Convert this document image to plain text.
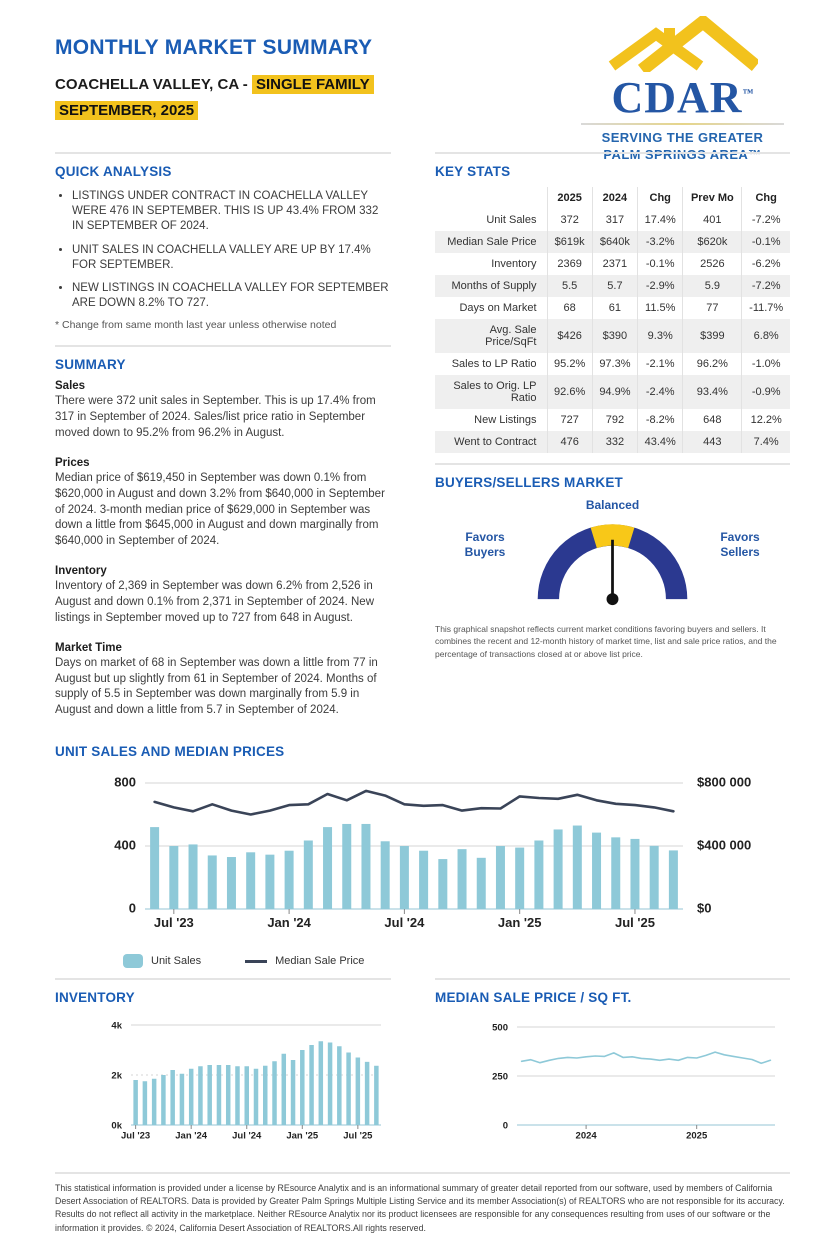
MONTHLY MARKET SUMMARY
COACHELLA VALLEY, CA - SINGLE FAMILY
SEPTEMBER, 2025	CDAR™
SERVING THE GREATER
PALM SPRINGS AREA™
QUICK ANALYSIS
• LISTINGS UNDER CONTRACT IN COACHELLA VALLEY WERE 476 IN SEPTEMBER. THIS IS UP 43.4% FROM 332 IN SEPTEMBER OF 2024.
• UNIT SALES IN COACHELLA VALLEY ARE UP BY 17.4% FOR SEPTEMBER.
• NEW LISTINGS IN COACHELLA VALLEY FOR SEPTEMBER ARE DOWN 8.2% TO 727.
* Change from same month last year unless otherwise noted
SUMMARY

Sales

There were 372 unit sales in September. This is up 17.4% from 317 in September of 2024. Sales/list price ratio in September moved down to 95.2% from 96.2% in August.

Prices

Median price of $619,450 in September was down 0.1% from $620,000 in August and down 3.2% from $640,000 in September of 2024. 3-month median price of $629,000 in September was down a little from $645,000 in August and down marginally from $640,000 in September of 2024.

Inventory

Inventory of 2,369 in September was down 6.2% from 2,526 in August and down 0.1% from 2,371 in September of 2024. New listings in September moved up to 727 from 648 in August.

Market Time

Days on market of 68 in September was down a little from 77 in August but up slightly from 61 in September of 2024. Months of supply of 5.5 in September was down marginally from 5.9 in August and down a little from 5.7 in September of 2024.

KEY STATS
	2025	2024	Chg	Prev Mo	Chg
Unit Sales	372	317	17.4%	401	-7.2%
Median Sale Price	$619k	$640k	-3.2%	$620k	-0.1%
Inventory	2369	2371	-0.1%	2526	-6.2%
Months of Supply	5.5	5.7	-2.9%	5.9	-7.2%
Days on Market	68	61	11.5%	77	-11.7%
Avg. Sale Price/SqFt	$426	$390	9.3%	$399	6.8%
Sales to LP Ratio	95.2%	97.3%	-2.1%	96.2%	-1.0%
Sales to Orig. LP Ratio	92.6%	94.9%	-2.4%	93.4%	-0.9%
New Listings	727	792	-8.2%	648	12.2%
Went to Contract	476	332	43.4%	443	7.4%
BUYERS/SELLERS MARKET
Balanced
Favors Buyers
Favors Sellers
This graphical snapshot reflects current market conditions favoring buyers and sellers. It combines the recent and 12-month history of market time, list and sale price ratios, and the percentage of transactions closed at or above list price.
UNIT SALES AND MEDIAN PRICES
0
400
800
$0
$400 000
$800 000
Jul '23	Jan '24	Jul '24	Jan '25	Jul '25
Unit Sales	Median Sale Price
INVENTORY
0k
2k
4k
Jul '23	Jan '24	Jul '24	Jan '25	Jul '25
MEDIAN SALE PRICE / SQ FT.
0
250
500
2024	2025
This statistical information is provided under a license by REsource Analytix and is an informational summary of greater detail reported from our software, used by members of California Desert Association of REALTORS. Data is provided by Greater Palm Springs Multiple Listing Service and its member Association(s) of REALTORS who are not responsible for its accuracy. Results do not reflect all activity in the marketplace. Neither REsource Analytix nor its product licensees are responsible for any consequences resulting from uses of our software or the information it provides. © 2024, California Desert Association of REALTORS.All rights reserved.
